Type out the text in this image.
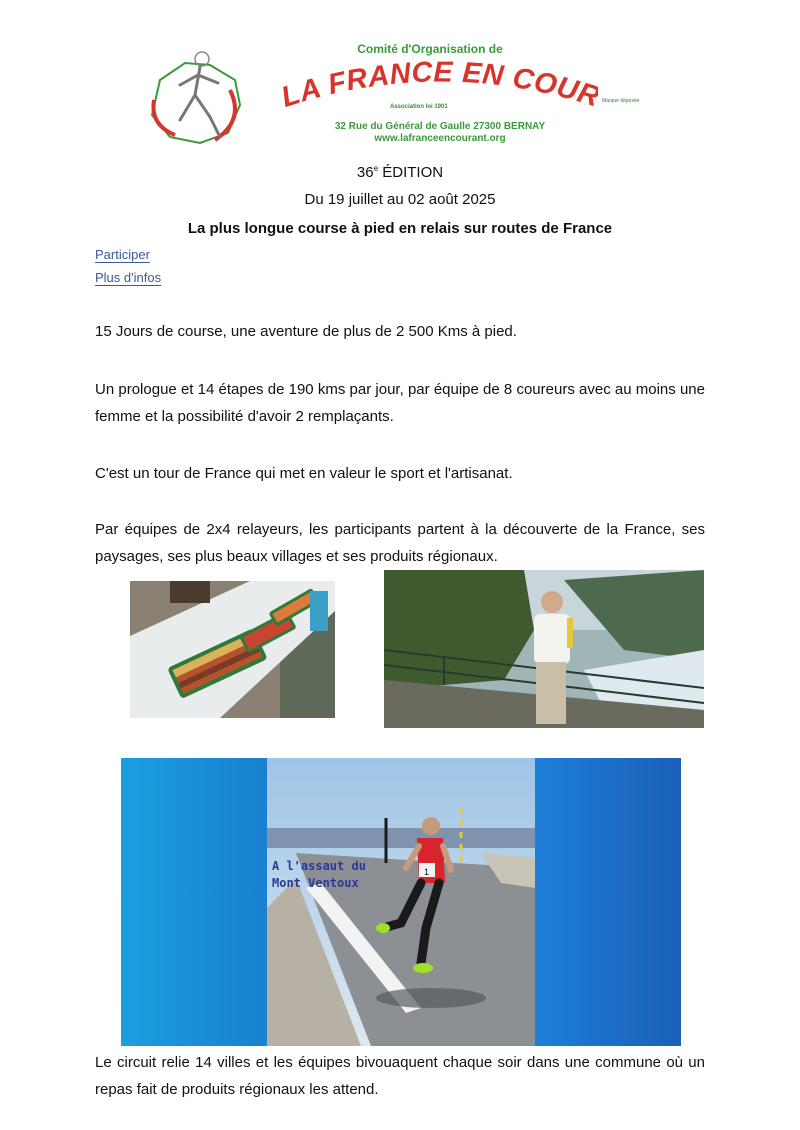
Comité d'Organisation de
LA FRANCE EN COU	Marque déposée
Association loi 1901
32 Rue du Général de Gaulle 27300 BERNAY
www.lafranceencourant.org
36e ÉDITION
Du 19 juillet au 02 août 2025
La plus longue course à pied en relais sur routes de France
Participer
Plus d'infos
15 Jours de course, une aventure de plus de 2 500 Kms à pied.
Un prologue et 14 étapes de 190 kms par jour, par équipe de 8 coureurs avec au moins une femme et la possibilité d'avoir 2 remplaçants.
C'est un tour de France qui met en valeur le sport et l'artisanat.
Par équipes de 2x4 relayeurs, les participants partent à la découverte de la France, ses paysages, ses plus beaux villages et ses produits régionaux.
1
A l'assaut du
Mont Ventoux
Le circuit relie 14 villes et les équipes bivouaquent chaque soir dans une commune où un repas fait de produits régionaux les attend.
